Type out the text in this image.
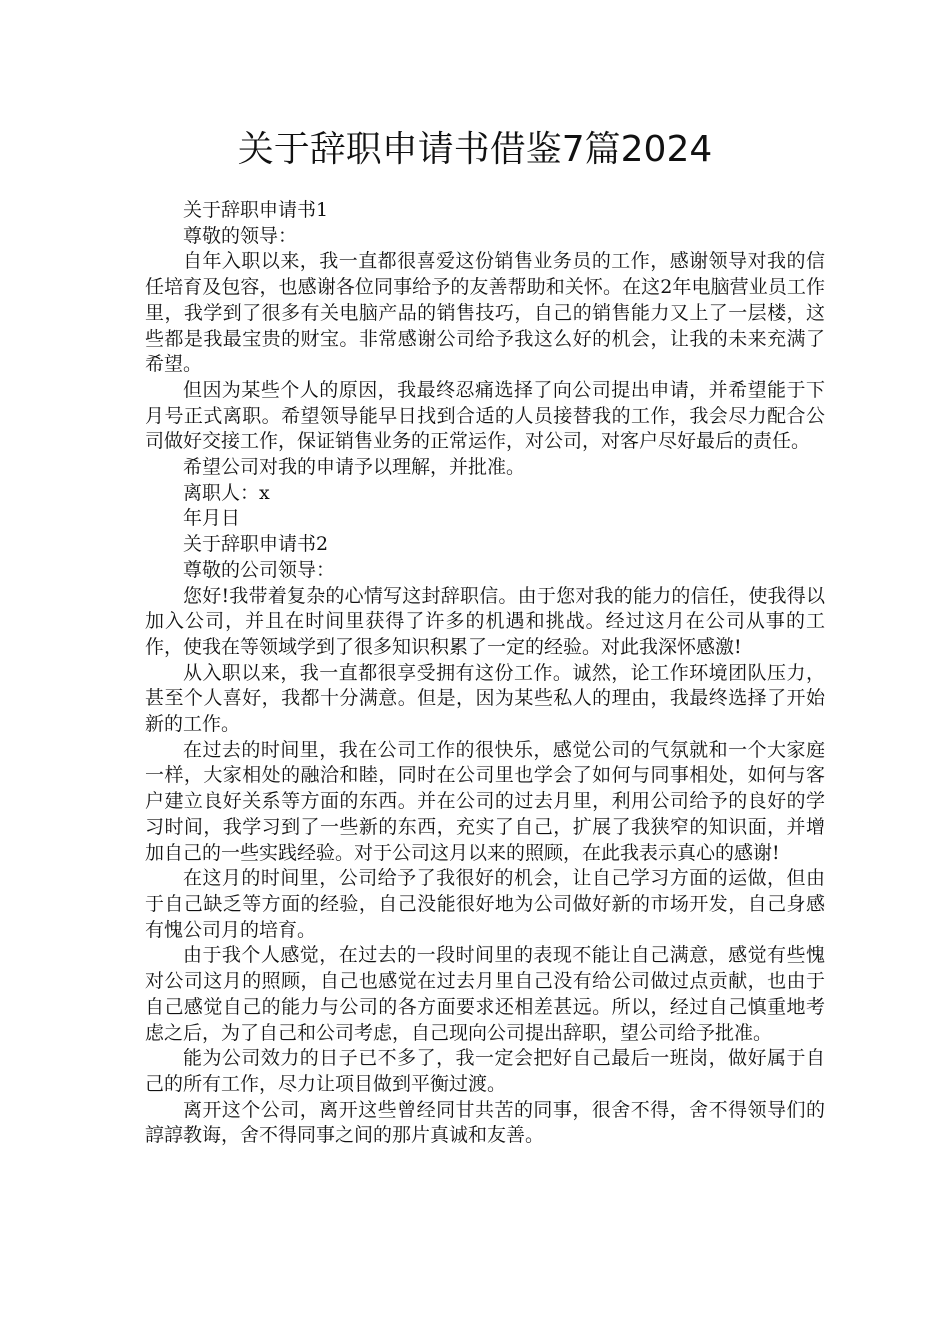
关于辞职申请书借鉴7篇2024

关于辞职申请书1

尊敬的领导：

自年入职以来，我一直都很喜爱这份销售业务员的工作，感谢领导对我的信任培育及包容，也感谢各位同事给予的友善帮助和关怀。在这2年电脑营业员工作里，我学到了很多有关电脑产品的销售技巧，自己的销售能力又上了一层楼，这些都是我最宝贵的财宝。非常感谢公司给予我这么好的机会，让我的未来充满了希望。

但因为某些个人的原因，我最终忍痛选择了向公司提出申请，并希望能于下月号正式离职。希望领导能早日找到合适的人员接替我的工作，我会尽力配合公司做好交接工作，保证销售业务的正常运作，对公司，对客户尽好最后的责任。

希望公司对我的申请予以理解，并批准。

离职人：x

年月日

关于辞职申请书2

尊敬的公司领导：

您好!我带着复杂的心情写这封辞职信。由于您对我的能力的信任，使我得以加入公司，并且在时间里获得了许多的机遇和挑战。经过这月在公司从事的工作，使我在等领域学到了很多知识积累了一定的经验。对此我深怀感激!

从入职以来，我一直都很享受拥有这份工作。诚然，论工作环境团队压力，甚至个人喜好，我都十分满意。但是，因为某些私人的理由，我最终选择了开始新的工作。

在过去的时间里，我在公司工作的很快乐，感觉公司的气氛就和一个大家庭一样，大家相处的融洽和睦，同时在公司里也学会了如何与同事相处，如何与客户建立良好关系等方面的东西。并在公司的过去月里，利用公司给予的良好的学习时间，我学习到了一些新的东西，充实了自己，扩展了我狭窄的知识面，并增加自己的一些实践经验。对于公司这月以来的照顾，在此我表示真心的感谢!

在这月的时间里，公司给予了我很好的机会，让自己学习方面的运做，但由于自己缺乏等方面的经验，自己没能很好地为公司做好新的市场开发，自己身感有愧公司月的培育。

由于我个人感觉，在过去的一段时间里的表现不能让自己满意，感觉有些愧对公司这月的照顾，自己也感觉在过去月里自己没有给公司做过点贡献，也由于自己感觉自己的能力与公司的各方面要求还相差甚远。所以，经过自己慎重地考虑之后，为了自己和公司考虑，自己现向公司提出辞职，望公司给予批准。

能为公司效力的日子已不多了，我一定会把好自己最后一班岗，做好属于自己的所有工作，尽力让项目做到平衡过渡。

离开这个公司，离开这些曾经同甘共苦的同事，很舍不得，舍不得领导们的諄諄教诲，舍不得同事之间的那片真诚和友善。
